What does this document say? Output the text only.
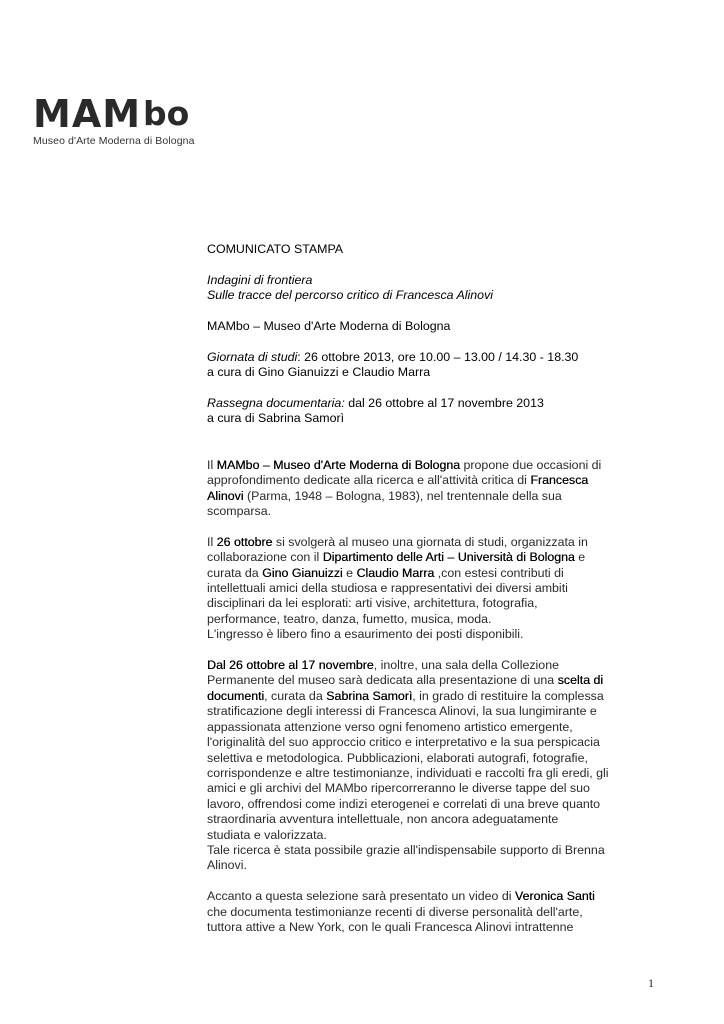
MAM bo
Museo d'Arte Moderna di Bologna
COMUNICATO STAMPA
Indagini di frontiera
Sulle tracce del percorso critico di Francesca Alinovi
MAMbo – Museo d'Arte Moderna di Bologna
Giornata di studi: 26 ottobre 2013, ore 10.00 – 13.00 / 14.30 - 18.30
a cura di Gino Gianuizzi e Claudio Marra
Rassegna documentaria: dal 26 ottobre al 17 novembre 2013
a cura di Sabrina Samorì
Il MAMbo – Museo d'Arte Moderna di Bologna propone due occasioni di
approfondimento dedicate alla ricerca e all'attività critica di Francesca
Alinovi (Parma, 1948 – Bologna, 1983), nel trentennale della sua
scomparsa.
Il 26 ottobre si svolgerà al museo una giornata di studi, organizzata in
collaborazione con il Dipartimento delle Arti – Università di Bologna e
curata da Gino Gianuizzi e Claudio Marra ,con estesi contributi di
intellettuali amici della studiosa e rappresentativi dei diversi ambiti
disciplinari da lei esplorati: arti visive, architettura, fotografia,
performance, teatro, danza, fumetto, musica, moda.
L'ingresso è libero fino a esaurimento dei posti disponibili.
Dal 26 ottobre al 17 novembre, inoltre, una sala della Collezione
Permanente del museo sarà dedicata alla presentazione di una scelta di
documenti, curata da Sabrina Samorì, in grado di restituire la complessa
stratificazione degli interessi di Francesca Alinovi, la sua lungimirante e
appassionata attenzione verso ogni fenomeno artistico emergente,
l'originalità del suo approccio critico e interpretativo e la sua perspicacia
selettiva e metodologica. Pubblicazioni, elaborati autografi, fotografie,
corrispondenze e altre testimonianze, individuati e raccolti fra gli eredi, gli
amici e gli archivi del MAMbo ripercorreranno le diverse tappe del suo
lavoro, offrendosi come indizi eterogenei e correlati di una breve quanto
straordinaria avventura intellettuale, non ancora adeguatamente
studiata e valorizzata.
Tale ricerca è stata possibile grazie all'indispensabile supporto di Brenna
Alinovi.
Accanto a questa selezione sarà presentato un video di Veronica Santi
che documenta testimonianze recenti di diverse personalità dell'arte,
tuttora attive a New York, con le quali Francesca Alinovi intrattenne
1
